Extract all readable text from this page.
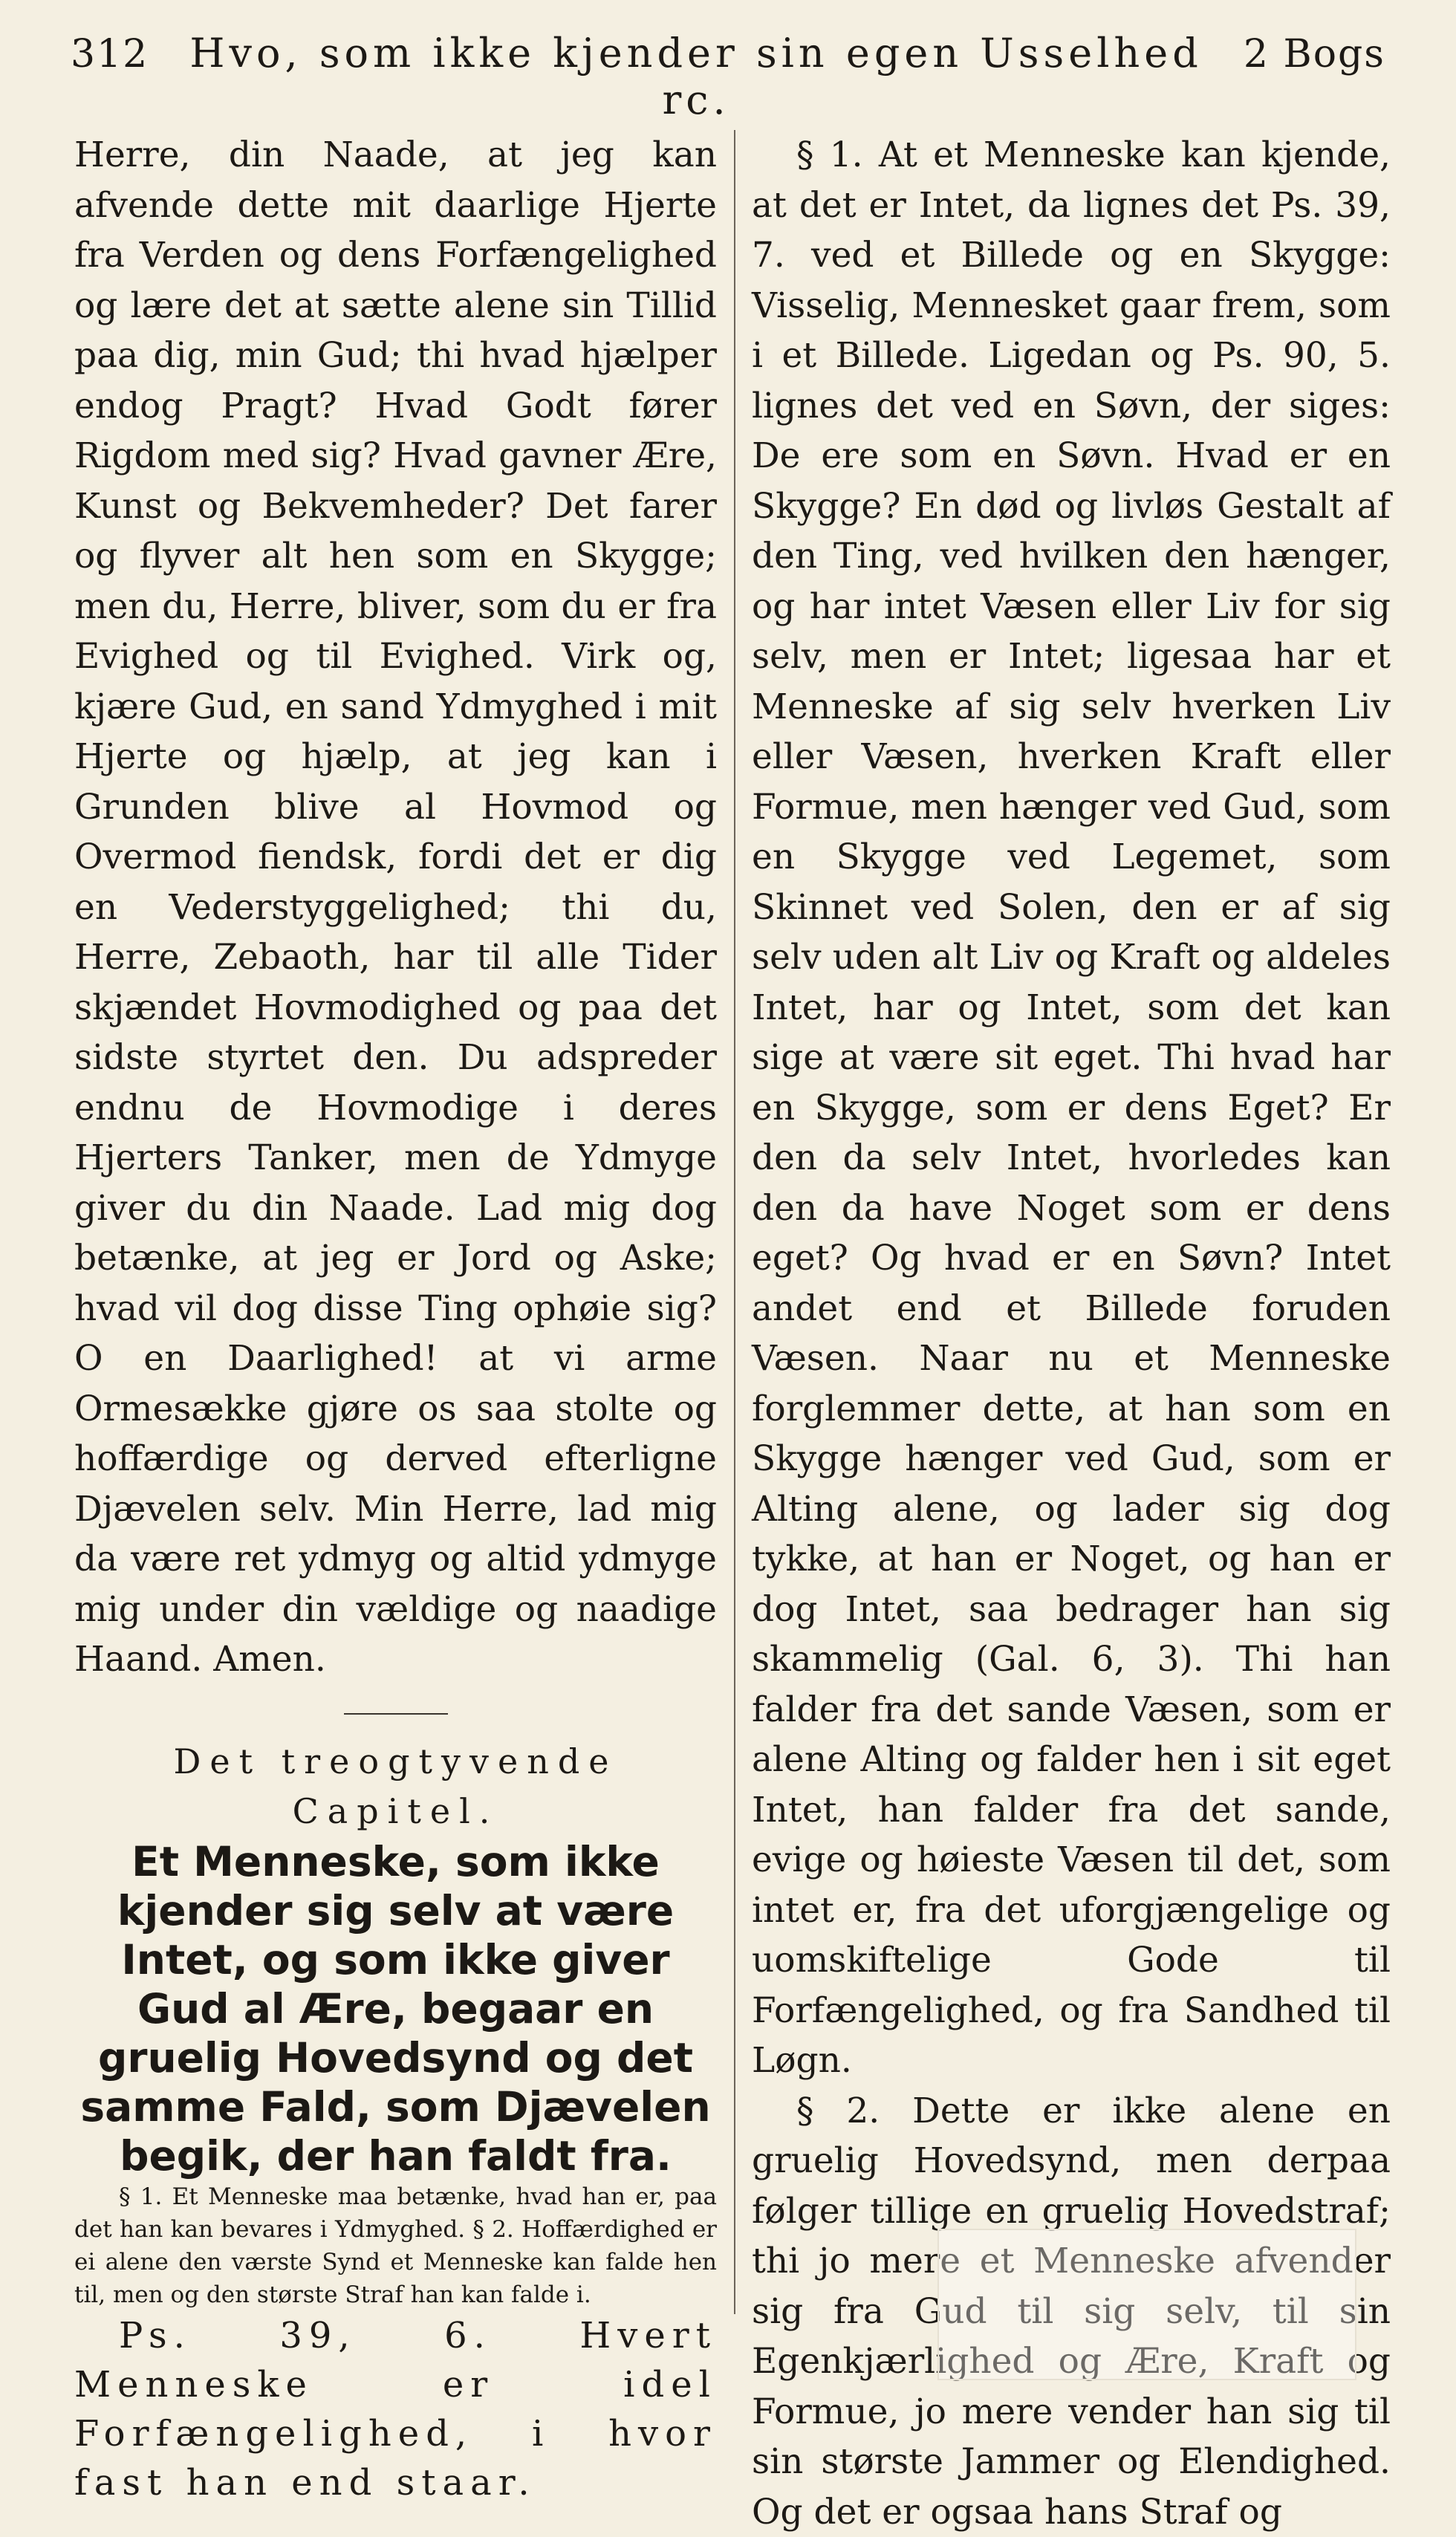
312	Hvo, som ikke kjender sin egen Usselhed rc.
2 Bogs

Herre, din Naade, at jeg kan afvende dette mit daarlige Hjerte fra Verden og dens Forfængelighed og lære det at sætte alene sin Tillid paa dig, min Gud; thi hvad hjælper endog Pragt? Hvad Godt fører Rigdom med sig? Hvad gavner Ære, Kunst og Bekvemheder? Det farer og flyver alt hen som en Skygge; men du, Herre, bliver, som du er fra Evighed og til Evighed. Virk og, kjære Gud, en sand Ydmyghed i mit Hjerte og hjælp, at jeg kan i Grunden blive al Hovmod og Overmod fiendsk, fordi det er dig en Vederstyggelighed; thi du, Herre, Zebaoth, har til alle Tider skjændet Hovmodighed og paa det sidste styrtet den. Du adspreder endnu de Hovmodige i deres Hjerters Tanker, men de Ydmyge giver du din Naade. Lad mig dog betænke, at jeg er Jord og Aske; hvad vil dog disse Ting ophøie sig? O en Daarlighed! at vi arme Ormesække gjøre os saa stolte og hoffærdige og derved efterligne Djævelen selv. Min Herre, lad mig da være ret ydmyg og altid ydmyge mig under din vældige og naadige Haand. Amen.

Det treogtyvende Capitel.

Et Menneske, som ikke kjender sig selv at være Intet, og som ikke giver Gud al Ære, begaar en gruelig Hovedsynd og det samme Fald, som Djævelen begik, der han faldt fra.

§ 1. Et Menneske maa betænke, hvad han er, paa det han kan bevares i Ydmyghed. § 2. Hoffærdighed er ei alene den værste Synd et Menneske kan falde hen til, men og den største Straf han kan falde i.

Ps. 39, 6. Hvert Menneske er idel Forfængelighed, i hvor fast han end staar.

§ 1. At et Menneske kan kjende, at det er Intet, da lignes det Ps. 39, 7. ved et Billede og en Skygge: Visselig, Mennesket gaar frem, som i et Billede. Ligedan og Ps. 90, 5. lignes det ved en Søvn, der siges: De ere som en Søvn. Hvad er en Skygge? En død og livløs Gestalt af den Ting, ved hvilken den hænger, og har intet Væsen eller Liv for sig selv, men er Intet; ligesaa har et Menneske af sig selv hverken Liv eller Væsen, hverken Kraft eller Formue, men hænger ved Gud, som en Skygge ved Legemet, som Skinnet ved Solen, den er af sig selv uden alt Liv og Kraft og aldeles Intet, har og Intet, som det kan sige at være sit eget. Thi hvad har en Skygge, som er dens Eget? Er den da selv Intet, hvorledes kan den da have Noget som er dens eget? Og hvad er en Søvn? Intet andet end et Billede foruden Væsen. Naar nu et Menneske forglemmer dette, at han som en Skygge hænger ved Gud, som er Alting alene, og lader sig dog tykke, at han er Noget, og han er dog Intet, saa bedrager han sig skammelig (Gal. 6, 3). Thi han falder fra det sande Væsen, som er alene Alting og falder hen i sit eget Intet, han falder fra det sande, evige og høieste Væsen til det, som intet er, fra det uforgjængelige og uomskiftelige Gode til Forfængelighed, og fra Sandhed til Løgn.

§ 2. Dette er ikke alene en gruelig Hovedsynd, men derpaa følger tillige en gruelig Hovedstraf; thi jo mere et Menneske afvender sig fra Gud til sig selv, til sin Egenkjærlighed og Ære, Kraft og Formue, jo mere vender han sig til sin største Jammer og Elendighed. Og det er ogsaa hans Straf og
